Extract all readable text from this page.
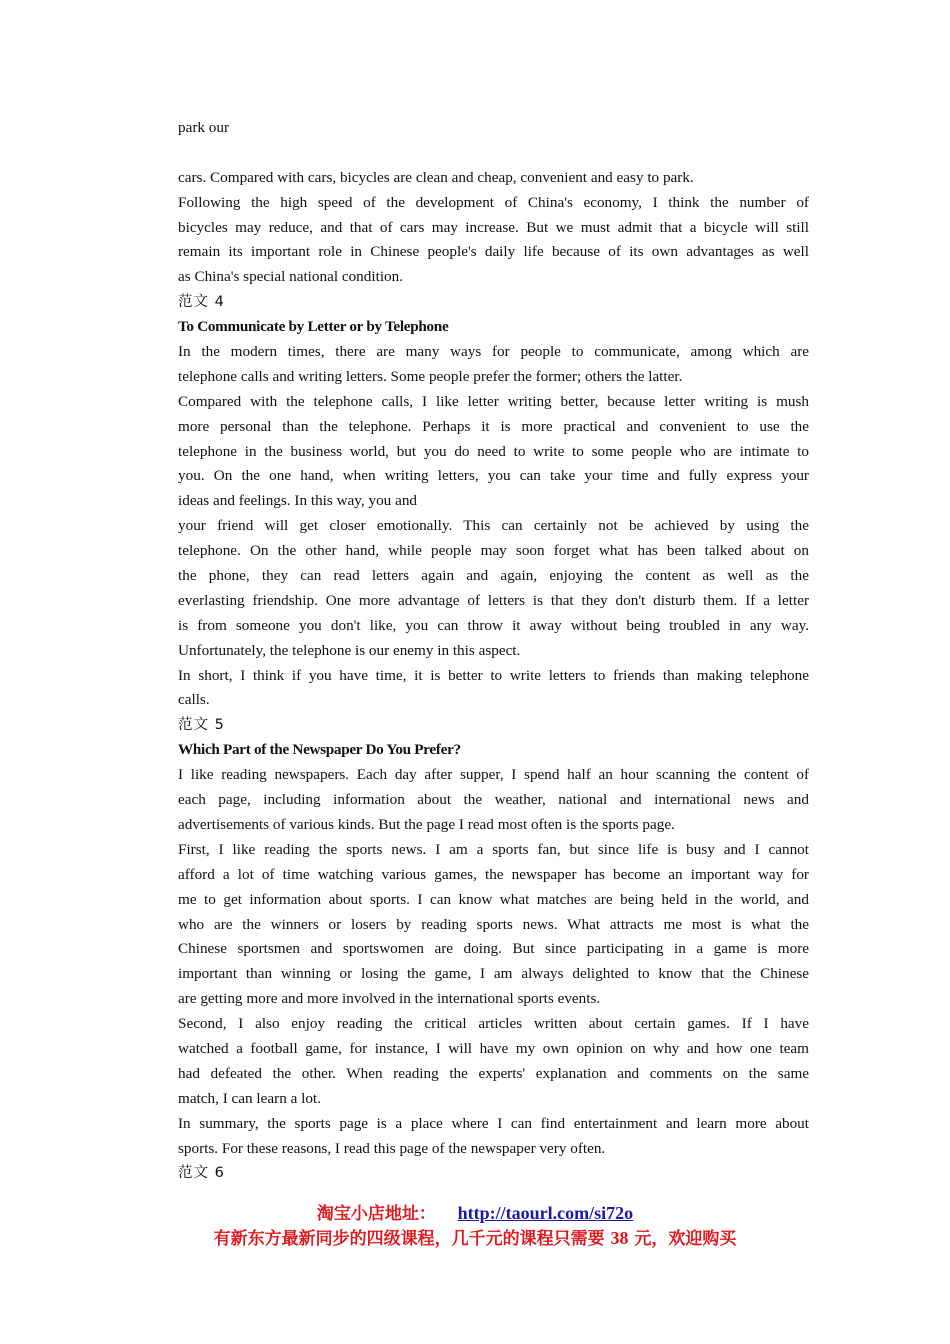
park our
cars. Compared with cars, bicycles are clean and cheap, convenient and easy to park.
Following the high speed of the development of China's economy, I think the number of
bicycles may reduce, and that of cars may increase. But we must admit that a bicycle will still
remain its important role in Chinese people's daily life because of its own advantages as well
as China's special national condition.
范文 4
To Communicate by Letter or by Telephone
In the modern times, there are many ways for people to communicate, among which are
telephone calls and writing letters. Some people prefer the former; others the latter.
Compared with the telephone calls, I like letter writing better, because letter writing is mush
more personal than the telephone. Perhaps it is more practical and convenient to use the
telephone in the business world, but you do need to write to some people who are intimate to
you. On the one hand, when writing letters, you can take your time and fully express your
ideas and feelings. In this way, you and
your friend will get closer emotionally. This can certainly not be achieved by using the
telephone. On the other hand, while people may soon forget what has been talked about on
the phone, they can read letters again and again, enjoying the content as well as the
everlasting friendship. One more advantage of letters is that they don't disturb them. If a letter
is from someone you don't like, you can throw it away without being troubled in any way.
Unfortunately, the telephone is our enemy in this aspect.
In short, I think if you have time, it is better to write letters to friends than making telephone
calls.
范文 5
Which Part of the Newspaper Do You Prefer?
I like reading newspapers. Each day after supper, I spend half an hour scanning the content of
each page, including information about the weather, national and international news and
advertisements of various kinds. But the page I read most often is the sports page.
First, I like reading the sports news. I am a sports fan, but since life is busy and I cannot
afford a lot of time watching various games, the newspaper has become an important way for
me to get information about sports. I can know what matches are being held in the world, and
who are the winners or losers by reading sports news. What attracts me most is what the
Chinese sportsmen and sportswomen are doing. But since participating in a game is more
important than winning or losing the game, I am always delighted to know that the Chinese
are getting more and more involved in the international sports events.
Second, I also enjoy reading the critical articles written about certain games. If I have
watched a football game, for instance, I will have my own opinion on why and how one team
had defeated the other. When reading the experts' explanation and comments on the same
match, I can learn a lot.
In summary, the sports page is a place where I can find entertainment and learn more about
sports. For these reasons, I read this page of the newspaper very often.
范文 6
淘宝小店地址： http://taourl.com/si72o
有新东方最新同步的四级课程，几千元的课程只需要 38 元，欢迎购买
